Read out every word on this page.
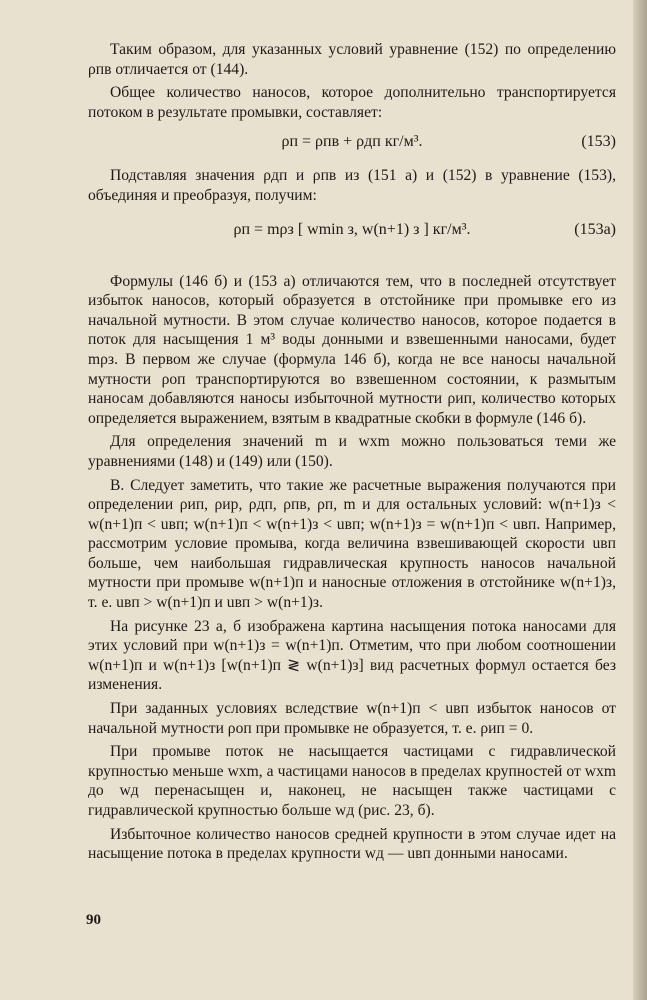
Таким образом, для указанных условий уравнение (152) по определению ρпв отличается от (144).

Общее количество наносов, которое дополнительно транспортируется потоком в результате промывки, составляет:

ρп = ρпв + ρдп кг/м³.	(153)

Подставляя значения ρдп и ρпв из (151 а) и (152) в уравнение (153), объединяя и преобразуя, получим:

ρп = mρз [ wmin з, w(n+1) з ] кг/м³.	(153а)

Формулы (146 б) и (153 а) отличаются тем, что в последней отсутствует избыток наносов, который образуется в отстойнике при промывке его из начальной мутности. В этом случае количество наносов, которое подается в поток для насыщения 1 м³ воды донными и взвешенными наносами, будет mρз. В первом же случае (формула 146 б), когда не все наносы начальной мутности ρоп транспортируются во взвешенном состоянии, к размытым наносам добавляются наносы избыточной мутности ρип, количество которых определяется выражением, взятым в квадратные скобки в формуле (146 б).

Для определения значений m и wxm можно пользоваться теми же уравнениями (148) и (149) или (150).

В. Следует заметить, что такие же расчетные выражения получаются при определении ρип, ρир, ρдп, ρпв, ρп, m и для остальных условий: w(n+1)з < w(n+1)п < uвп; w(n+1)п < w(n+1)з < uвп; w(n+1)з = w(n+1)п < uвп. Например, рассмотрим условие промыва, когда величина взвешивающей скорости uвп больше, чем наибольшая гидравлическая крупность наносов начальной мутности при промыве w(n+1)п и наносные отложения в отстойнике w(n+1)з, т. е. uвп > w(n+1)п и uвп > w(n+1)з.

На рисунке 23 а, б изображена картина насыщения потока наносами для этих условий при w(n+1)з = w(n+1)п. Отметим, что при любом соотношении w(n+1)п и w(n+1)з [w(n+1)п ≷ w(n+1)з] вид расчетных формул остается без изменения.

При заданных условиях вследствие w(n+1)п < uвп избыток наносов от начальной мутности ρоп при промывке не образуется, т. е. ρип = 0.

При промыве поток не насыщается частицами с гидравлической крупностью меньше wxm, а частицами наносов в пределах крупностей от wxm до wд перенасыщен и, наконец, не насыщен также частицами с гидравлической крупностью больше wд (рис. 23, б).

Избыточное количество наносов средней крупности в этом случае идет на насыщение потока в пределах крупности wд — uвп донными наносами.

90
